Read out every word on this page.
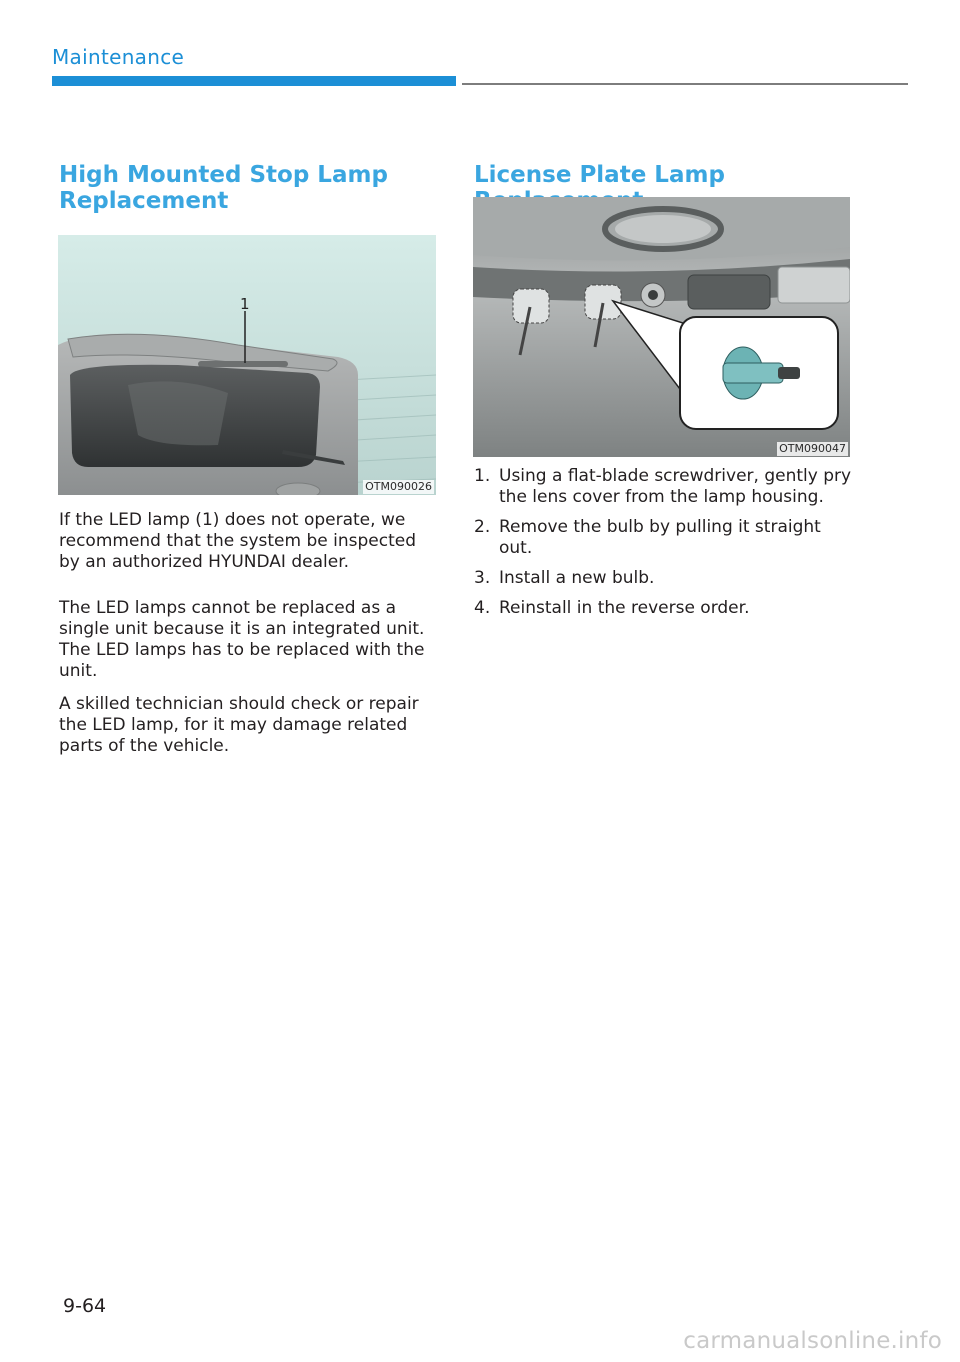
Maintenance
High Mounted Stop Lamp
Replacement
1
OTM090026

If the LED lamp (1) does not operate, we recommend that the system be inspected by an authorized HYUNDAI dealer.

The LED lamps cannot be replaced as a single unit because it is an integrated unit. The LED lamps has to be replaced with the unit.

A skilled technician should check or repair the LED lamp, for it may damage related parts of the vehicle.

License Plate Lamp
OTM090047
1. Using a flat-blade screwdriver, gently pry the lens cover from the lamp housing.
2. Remove the bulb by pulling it straight out.
3. Install a new bulb.
4. Reinstall in the reverse order.
9-64
carmanualsonline.info
